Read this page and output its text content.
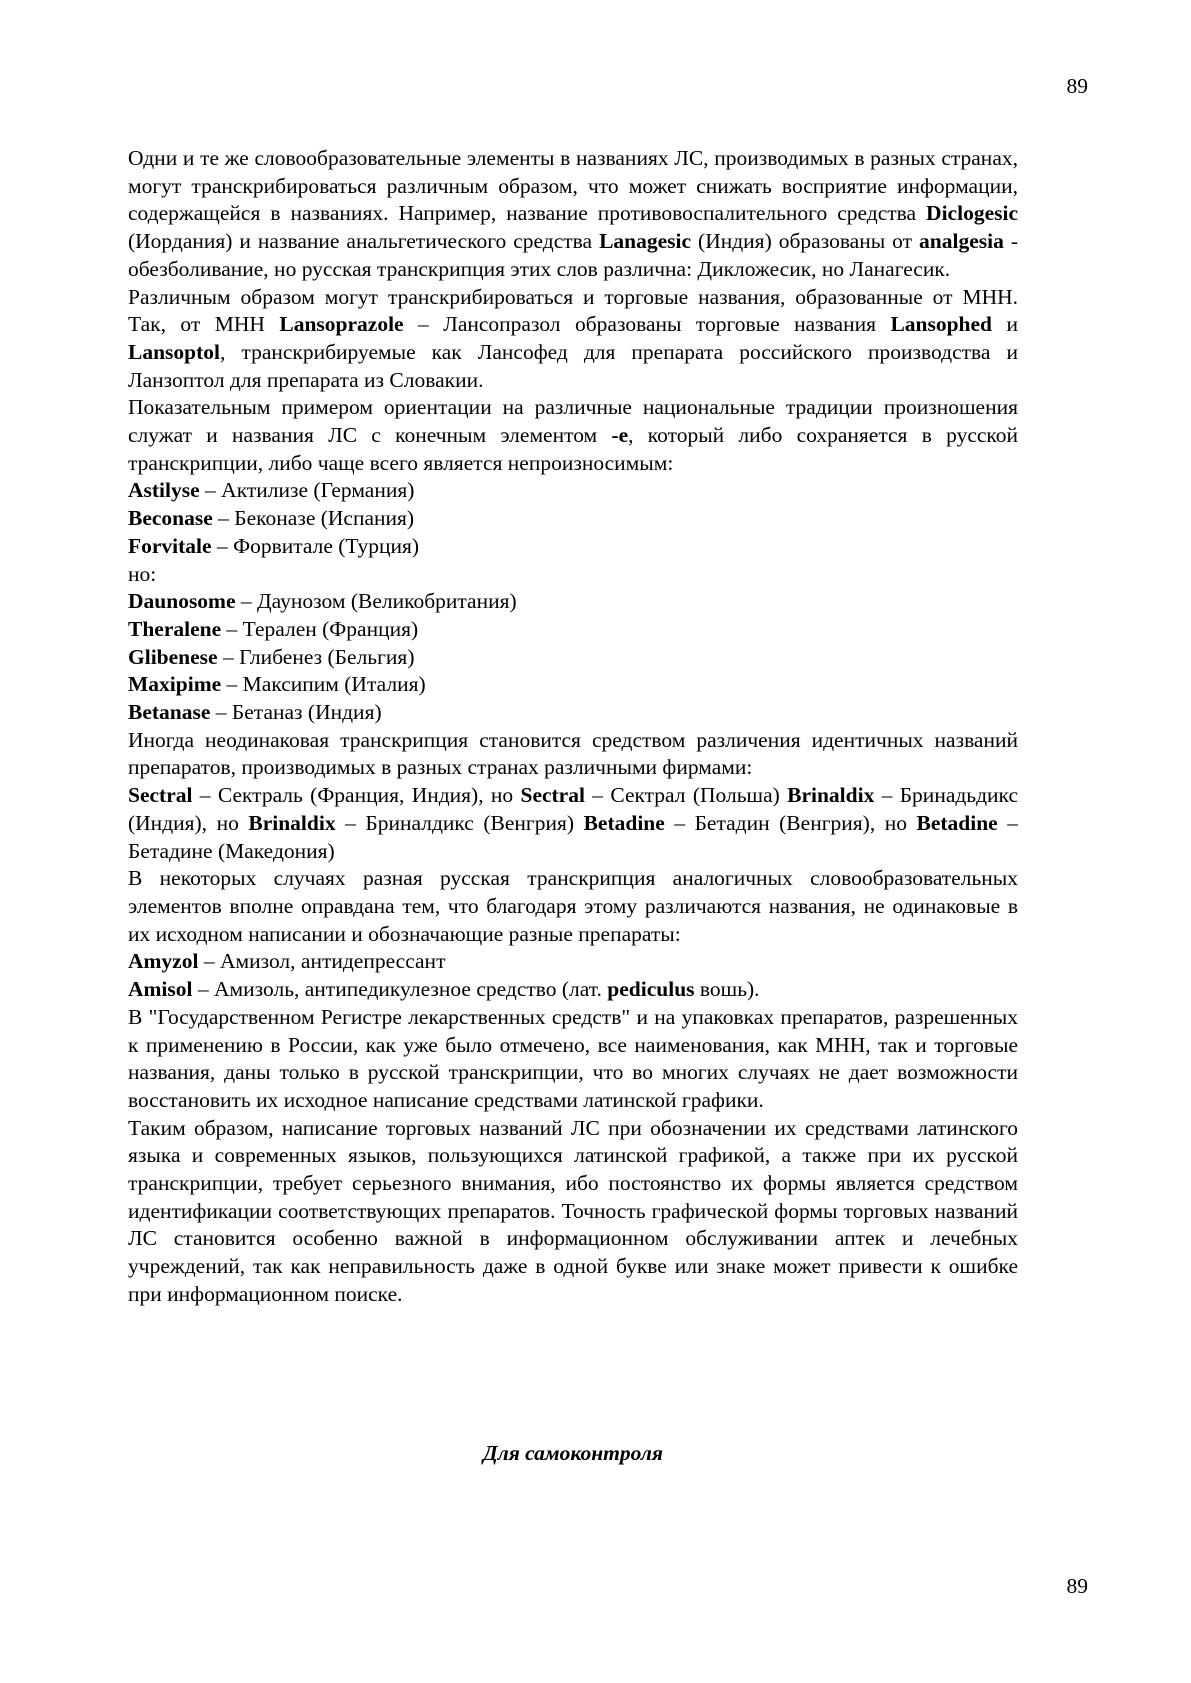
89

Одни и те же словообразовательные элементы в названиях ЛС, производимых в разных странах, могут транскрибироваться различным образом, что может снижать восприятие информации, содержащейся в названиях. Например, название противовоспалительного средства Diclogesic (Иордания) и название анальгетического средства Lanagesic (Индия) образованы от analgesia - обезболивание, но русская транскрипция этих слов различна: Дикложесик, но Ланагесик.

Различным образом могут транскрибироваться и торговые названия, образованные от МНН. Так, от МНН Lansoprazole – Лансопразол образованы торговые названия Lansophed и Lansoptol, транскрибируемые как Лансофед для препарата российского производства и Ланзоптол для препарата из Словакии.

Показательным примером ориентации на различные национальные традиции произношения служат и названия ЛС с конечным элементом -е, который либо сохраняется в русской транскрипции, либо чаще всего является непроизносимым:

Astilyse – Актилизе (Германия)

Beconase – Беконазе (Испания)

Forvitale – Форвитале (Турция)

но:

Daunosome – Даунозом (Великобритания)

Theralene – Терален (Франция)

Glibenese – Глибенез (Бельгия)

Maxipime – Максипим (Италия)

Betanase – Бетаназ (Индия)

Иногда неодинаковая транскрипция становится средством различения идентичных названий препаратов, производимых в разных странах различными фирмами:

Sectral – Сектраль (Франция, Индия), но Sectral – Сектрал (Польша) Brinaldix – Бринадьдикс (Индия), но Brinaldix – Бриналдикс (Венгрия) Betadine – Бетадин (Венгрия), но Betadine – Бетадине (Македония)

В некоторых случаях разная русская транскрипция аналогичных словообразовательных элементов вполне оправдана тем, что благодаря этому различаются названия, не одинаковые в их исходном написании и обозначающие разные препараты:

Amyzol – Амизол, антидепрессант

Amisol – Амизоль, антипедикулезное средство (лат. pediculus вошь).

В "Государственном Регистре лекарственных средств" и на упаковках препаратов, разрешенных к применению в России, как уже было отмечено, все наименования, как МНН, так и торговые названия, даны только в русской транскрипции, что во многих случаях не дает возможности восстановить их исходное написание средствами латинской графики.

Таким образом, написание торговых названий ЛС при обозначении их средствами латинского языка и современных языков, пользующихся латинской графикой, а также при их русской транскрипции, требует серьезного внимания, ибо постоянство их формы является средством идентификации соответствующих препаратов. Точность графической формы торговых названий ЛС становится особенно важной в информационном обслуживании аптек и лечебных учреждений, так как неправильность даже в одной букве или знаке может привести к ошибке при информационном поиске.

Для самоконтроля
89
